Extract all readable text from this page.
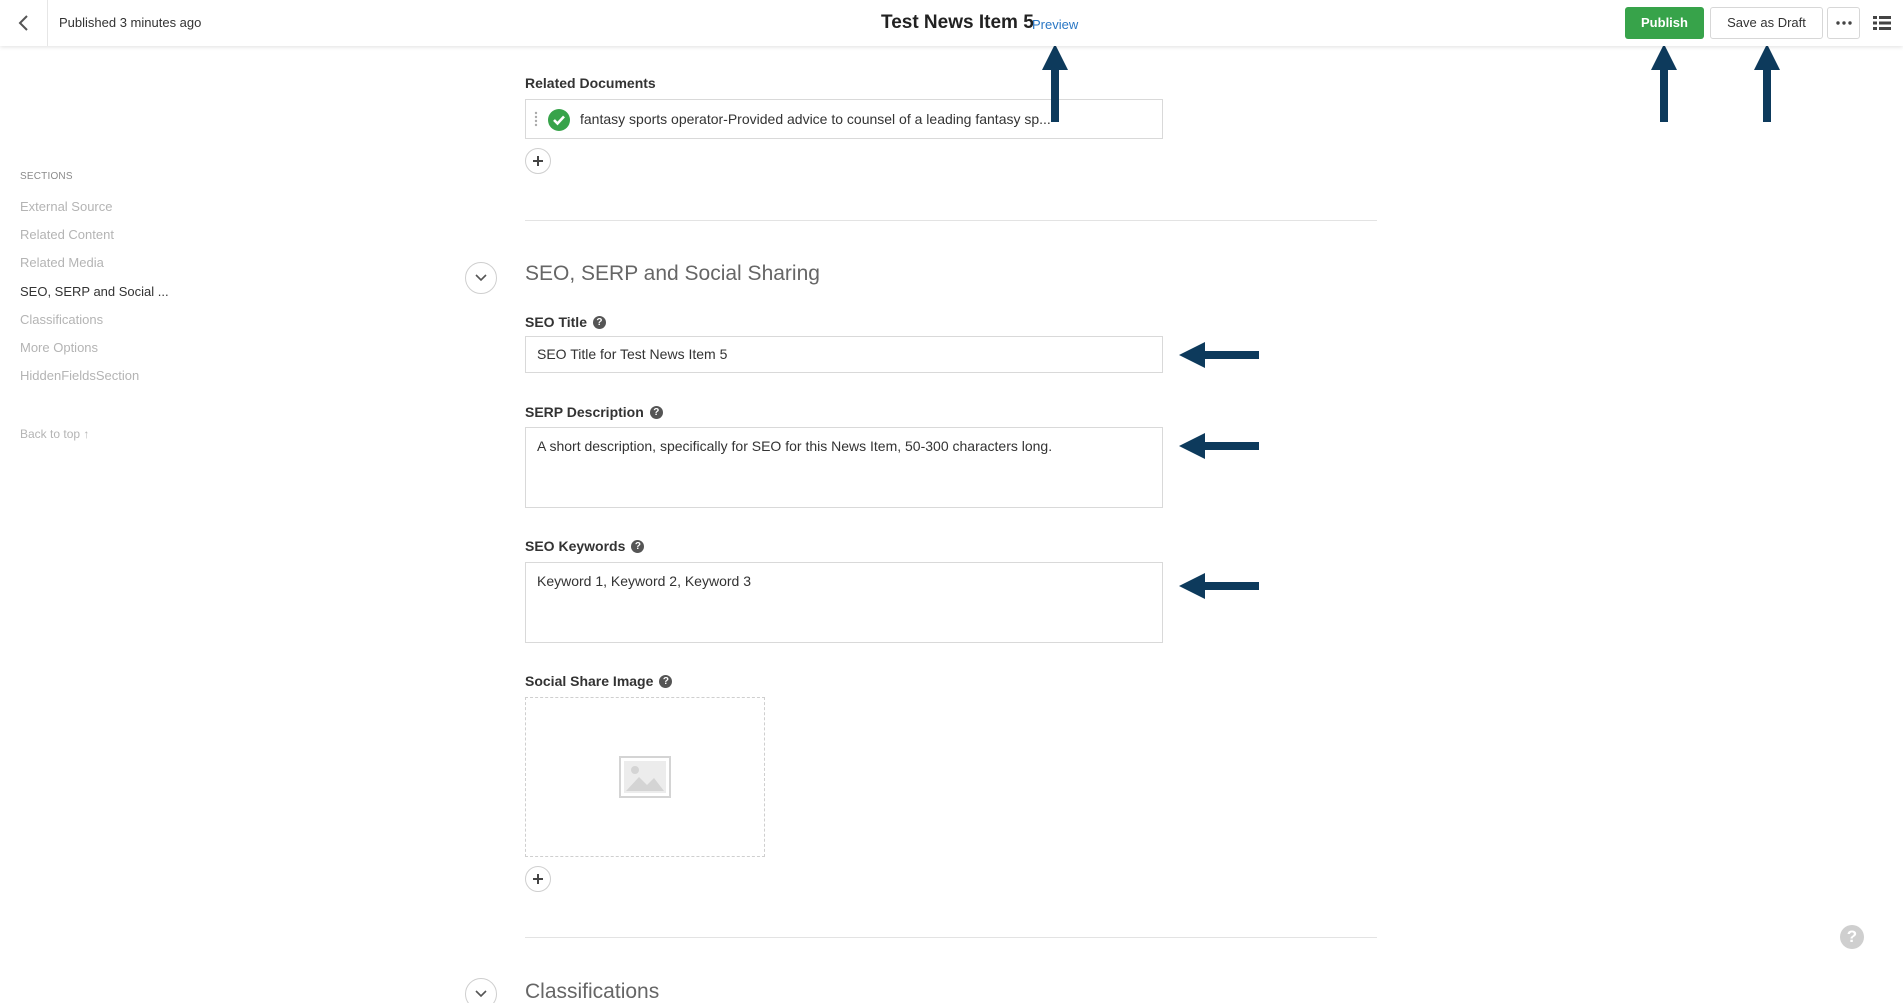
Published 3 minutes ago	Test News Item 5
Preview	Publish	Save as Draft
SECTIONS
External Source
Related Content
Related Media
SEO, SERP and Social ...
Classifications
More Options
HiddenFieldsSection
Back to top ↑
Related Documents
fantasy sports operator-Provided advice to counsel of a leading fantasy sp...
SEO, SERP and Social Sharing
SEO Title ?
SEO Title for Test News Item 5
SERP Description ?
A short description, specifically for SEO for this News Item, 50-300 characters long.
SEO Keywords ?
Keyword 1, Keyword 2, Keyword 3
Social Share Image ?
Classifications
?
